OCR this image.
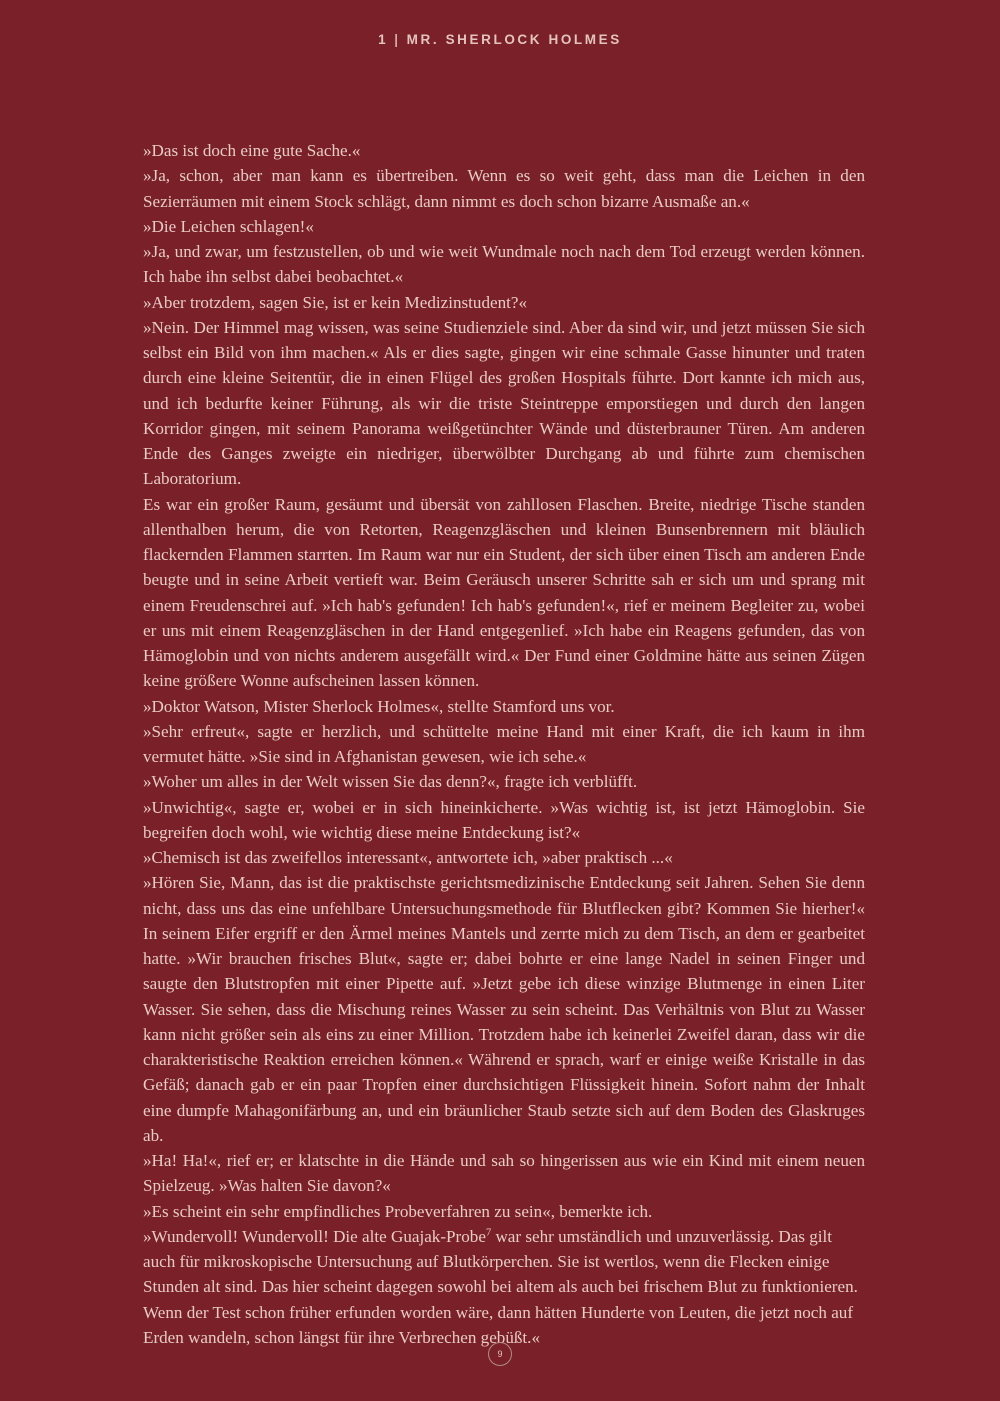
1 | MR. SHERLOCK HOLMES

»Das ist doch eine gute Sache.«

»Ja, schon, aber man kann es übertreiben. Wenn es so weit geht, dass man die Leichen in den Sezierräumen mit einem Stock schlägt, dann nimmt es doch schon bizarre Ausmaße an.«

»Die Leichen schlagen!«

»Ja, und zwar, um festzustellen, ob und wie weit Wundmale noch nach dem Tod erzeugt werden können. Ich habe ihn selbst dabei beobachtet.«

»Aber trotzdem, sagen Sie, ist er kein Medizinstudent?«

»Nein. Der Himmel mag wissen, was seine Studienziele sind. Aber da sind wir, und jetzt müssen Sie sich selbst ein Bild von ihm machen.« Als er dies sagte, gingen wir eine schmale Gasse hinunter und traten durch eine kleine Seitentür, die in einen Flügel des großen Hospitals führte. Dort kannte ich mich aus, und ich bedurfte keiner Führung, als wir die triste Steintreppe emporstiegen und durch den langen Korridor gingen, mit seinem Panorama weißgetünchter Wände und düsterbrauner Türen. Am anderen Ende des Ganges zweigte ein niedriger, überwölbter Durchgang ab und führte zum chemischen Laboratorium.

Es war ein großer Raum, gesäumt und übersät von zahllosen Flaschen. Breite, niedrige Tische standen allenthalben herum, die von Retorten, Reagenzgläschen und kleinen Bunsenbrennern mit bläulich flackernden Flammen starrten. Im Raum war nur ein Student, der sich über einen Tisch am anderen Ende beugte und in seine Arbeit vertieft war. Beim Geräusch unserer Schritte sah er sich um und sprang mit einem Freudenschrei auf. »Ich hab's gefunden! Ich hab's gefunden!«, rief er meinem Begleiter zu, wobei er uns mit einem Reagenzgläschen in der Hand entgegenlief. »Ich habe ein Reagens gefunden, das von Hämoglobin und von nichts anderem ausgefällt wird.« Der Fund einer Goldmine hätte aus seinen Zügen keine größere Wonne aufscheinen lassen können.

»Doktor Watson, Mister Sherlock Holmes«, stellte Stamford uns vor.

»Sehr erfreut«, sagte er herzlich, und schüttelte meine Hand mit einer Kraft, die ich kaum in ihm vermutet hätte. »Sie sind in Afghanistan gewesen, wie ich sehe.«

»Woher um alles in der Welt wissen Sie das denn?«, fragte ich verblüfft.

»Unwichtig«, sagte er, wobei er in sich hineinkicherte. »Was wichtig ist, ist jetzt Hämoglobin. Sie begreifen doch wohl, wie wichtig diese meine Entdeckung ist?«

»Chemisch ist das zweifellos interessant«, antwortete ich, »aber praktisch ...«

»Hören Sie, Mann, das ist die praktischste gerichtsmedizinische Entdeckung seit Jahren. Sehen Sie denn nicht, dass uns das eine unfehlbare Untersuchungsmethode für Blutflecken gibt? Kommen Sie hierher!« In seinem Eifer ergriff er den Ärmel meines Mantels und zerrte mich zu dem Tisch, an dem er gearbeitet hatte. »Wir brauchen frisches Blut«, sagte er; dabei bohrte er eine lange Nadel in seinen Finger und saugte den Blutstropfen mit einer Pipette auf. »Jetzt gebe ich diese winzige Blutmenge in einen Liter Wasser. Sie sehen, dass die Mischung reines Wasser zu sein scheint. Das Verhältnis von Blut zu Wasser kann nicht größer sein als eins zu einer Million. Trotzdem habe ich keinerlei Zweifel daran, dass wir die charakteristische Reaktion erreichen können.« Während er sprach, warf er einige weiße Kristalle in das Gefäß; danach gab er ein paar Tropfen einer durchsichtigen Flüssigkeit hinein. Sofort nahm der Inhalt eine dumpfe Mahagonifärbung an, und ein bräunlicher Staub setzte sich auf dem Boden des Glaskruges ab.

»Ha! Ha!«, rief er; er klatschte in die Hände und sah so hingerissen aus wie ein Kind mit einem neuen Spielzeug. »Was halten Sie davon?«

»Es scheint ein sehr empfindliches Probeverfahren zu sein«, bemerkte ich.

»Wundervoll! Wundervoll! Die alte Guajak-Probe$^7$ war sehr umständlich und unzuverlässig. Das gilt auch für mikroskopische Untersuchung auf Blutkörperchen. Sie ist wertlos, wenn die Flecken einige Stunden alt sind. Das hier scheint dagegen sowohl bei altem als auch bei frischem Blut zu funktionieren. Wenn der Test schon früher erfunden worden wäre, dann hätten Hunderte von Leuten, die jetzt noch auf Erden wandeln, schon längst für ihre Verbrechen gebüßt.«

9
